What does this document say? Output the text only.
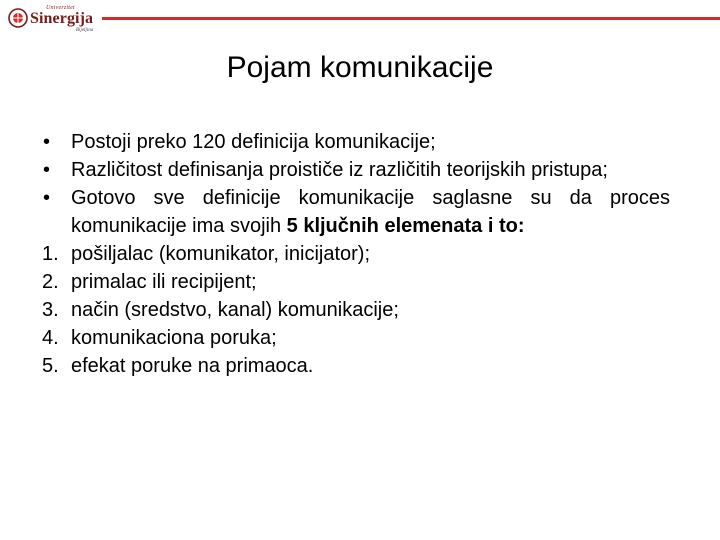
Univerzitet
Sinergija
Bijeljina
Pojam komunikacije
•	Postoji preko 120 definicija komunikacije;
•	Različitost definisanja proističe iz različitih teorijskih pristupa;
•	Gotovo sve definicije komunikacije saglasne su da proces komunikacije ima svojih 5 ključnih elemenata i to:
1. pošiljalac (komunikator, inicijator);
2. primalac ili recipijent;
3. način (sredstvo, kanal) komunikacije;
4. komunikaciona poruka;
5. efekat poruke na primaoca.
